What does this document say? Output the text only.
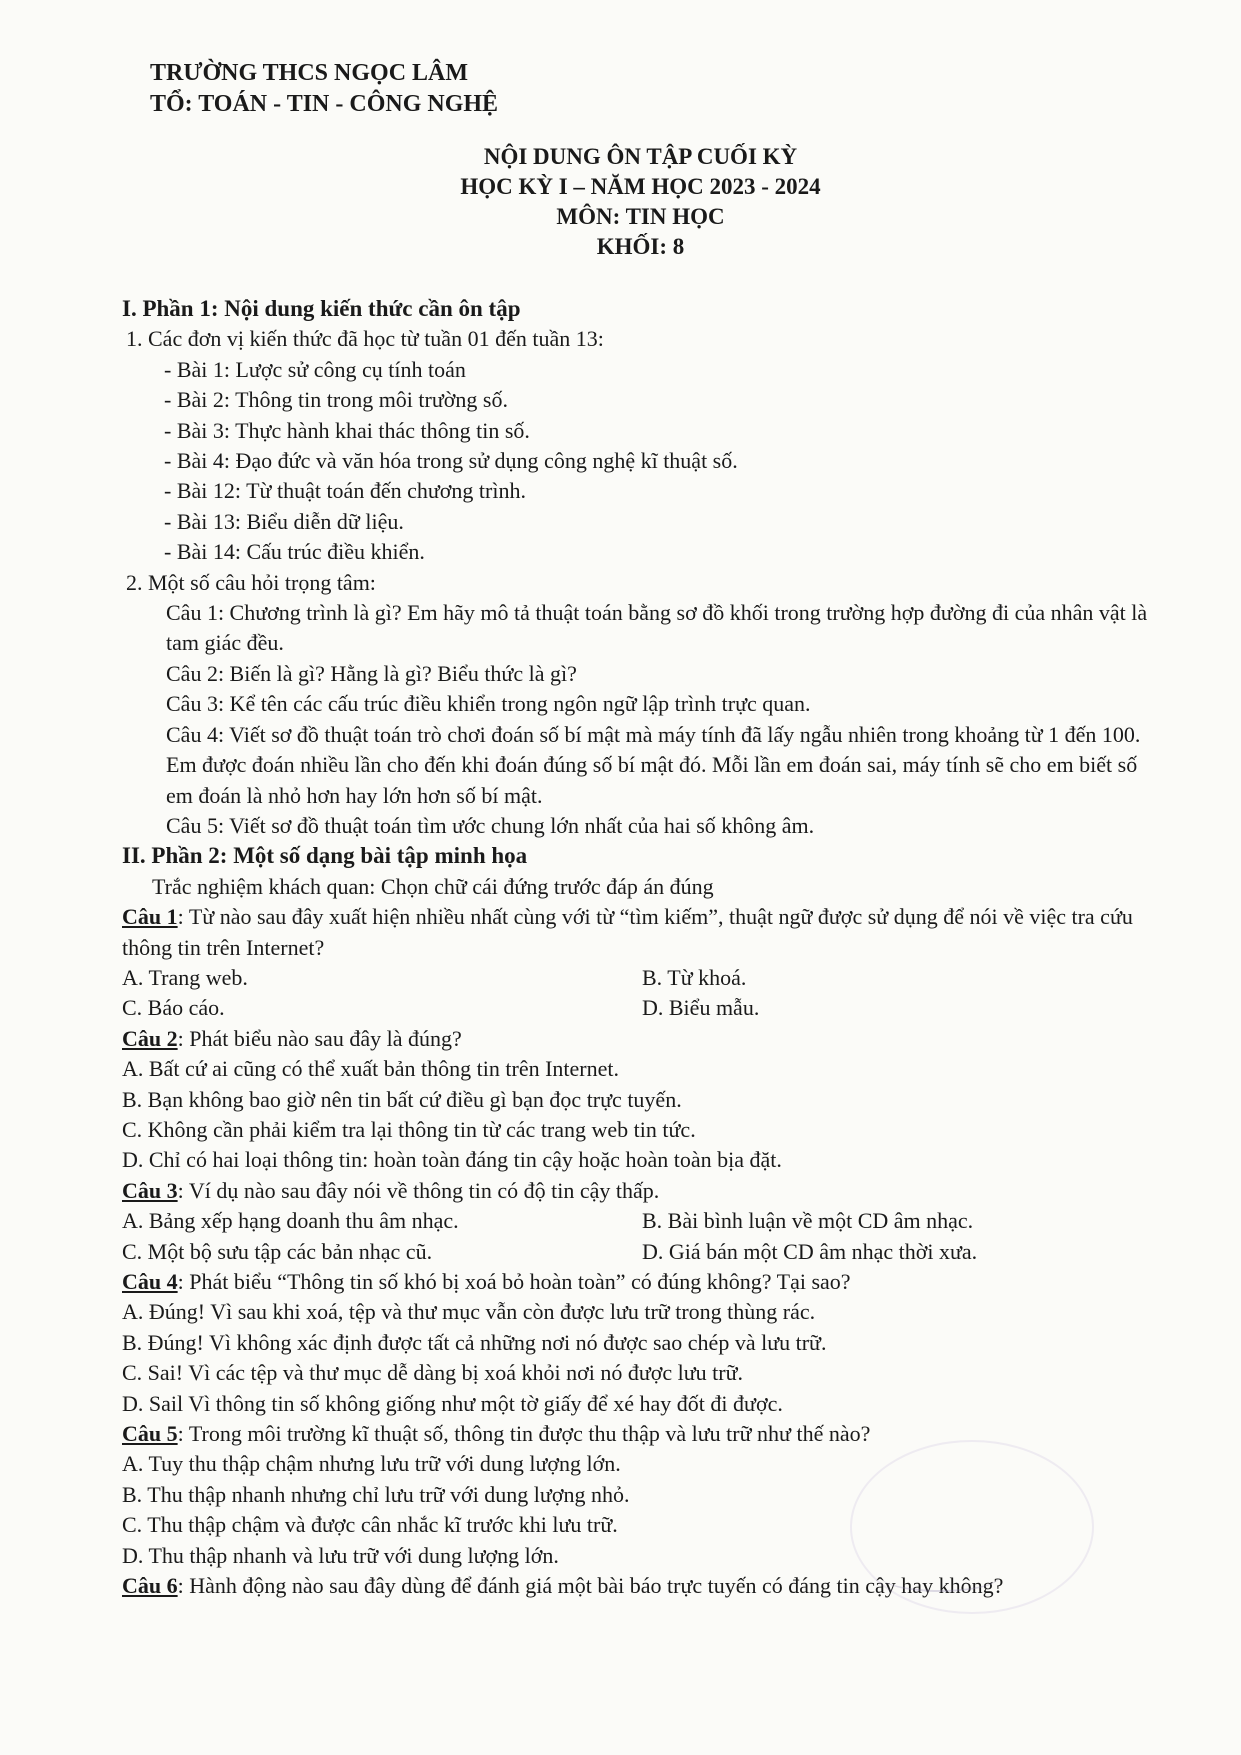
TRƯỜNG THCS NGỌC LÂM
TỔ: TOÁN - TIN - CÔNG NGHỆ
NỘI DUNG ÔN TẬP CUỐI KỲ
HỌC KỲ I – NĂM HỌC 2023 - 2024
MÔN: TIN HỌC
KHỐI: 8
I. Phần 1: Nội dung kiến thức cần ôn tập
1. Các đơn vị kiến thức đã học từ tuần 01 đến tuần 13:
- Bài 1: Lược sử công cụ tính toán
- Bài 2: Thông tin trong môi trường số.
- Bài 3: Thực hành khai thác thông tin số.
- Bài 4: Đạo đức và văn hóa trong sử dụng công nghệ kĩ thuật số.
- Bài 12: Từ thuật toán đến chương trình.
- Bài 13: Biểu diễn dữ liệu.
- Bài 14: Cấu trúc điều khiển.
2. Một số câu hỏi trọng tâm:
Câu 1: Chương trình là gì? Em hãy mô tả thuật toán bằng sơ đồ khối trong trường hợp đường đi của nhân vật là tam giác đều.
Câu 2: Biến là gì? Hằng là gì? Biểu thức là gì?
Câu 3: Kể tên các cấu trúc điều khiển trong ngôn ngữ lập trình trực quan.
Câu 4: Viết sơ đồ thuật toán trò chơi đoán số bí mật mà máy tính đã lấy ngẫu nhiên trong khoảng từ 1 đến 100. Em được đoán nhiều lần cho đến khi đoán đúng số bí mật đó. Mỗi lần em đoán sai, máy tính sẽ cho em biết số em đoán là nhỏ hơn hay lớn hơn số bí mật.
Câu 5: Viết sơ đồ thuật toán tìm ước chung lớn nhất của hai số không âm.
II. Phần 2: Một số dạng bài tập minh họa
Trắc nghiệm khách quan: Chọn chữ cái đứng trước đáp án đúng
Câu 1: Từ nào sau đây xuất hiện nhiều nhất cùng với từ “tìm kiếm”, thuật ngữ được sử dụng để nói về việc tra cứu thông tin trên Internet?
A. Trang web.	B. Từ khoá.
C. Báo cáo.	D. Biểu mẫu.
Câu 2: Phát biểu nào sau đây là đúng?
A. Bất cứ ai cũng có thể xuất bản thông tin trên Internet.
B. Bạn không bao giờ nên tin bất cứ điều gì bạn đọc trực tuyến.
C. Không cần phải kiểm tra lại thông tin từ các trang web tin tức.
D. Chỉ có hai loại thông tin: hoàn toàn đáng tin cậy hoặc hoàn toàn bịa đặt.
Câu 3: Ví dụ nào sau đây nói về thông tin có độ tin cậy thấp.
A. Bảng xếp hạng doanh thu âm nhạc.	B. Bài bình luận về một CD âm nhạc.
C. Một bộ sưu tập các bản nhạc cũ.	D. Giá bán một CD âm nhạc thời xưa.
Câu 4: Phát biểu “Thông tin số khó bị xoá bỏ hoàn toàn” có đúng không? Tại sao?
A. Đúng! Vì sau khi xoá, tệp và thư mục vẫn còn được lưu trữ trong thùng rác.
B. Đúng! Vì không xác định được tất cả những nơi nó được sao chép và lưu trữ.
C. Sai! Vì các tệp và thư mục dễ dàng bị xoá khỏi nơi nó được lưu trữ.
D. Sail Vì thông tin số không giống như một tờ giấy để xé hay đốt đi được.
Câu 5: Trong môi trường kĩ thuật số, thông tin được thu thập và lưu trữ như thế nào?
A. Tuy thu thập chậm nhưng lưu trữ với dung lượng lớn.
B. Thu thập nhanh nhưng chỉ lưu trữ với dung lượng nhỏ.
C. Thu thập chậm và được cân nhắc kĩ trước khi lưu trữ.
D. Thu thập nhanh và lưu trữ với dung lượng lớn.
Câu 6: Hành động nào sau đây dùng để đánh giá một bài báo trực tuyến có đáng tin cậy hay không?
